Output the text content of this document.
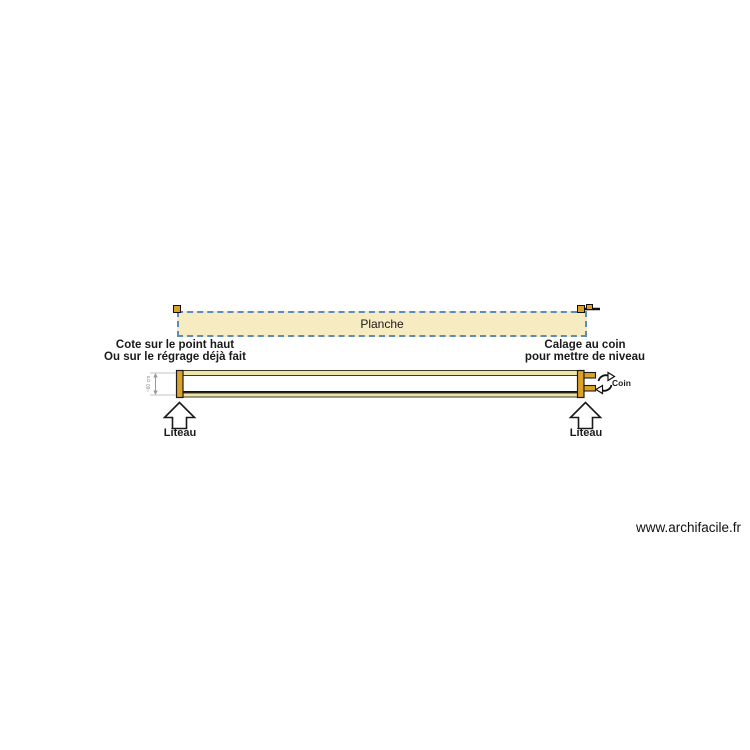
Planche
Cote sur le point haut
Ou sur le régrage déjà fait
Calage au coin
pour mettre de niveau
~60 cm	Coin
Liteau	Liteau
www.archifacile.fr
